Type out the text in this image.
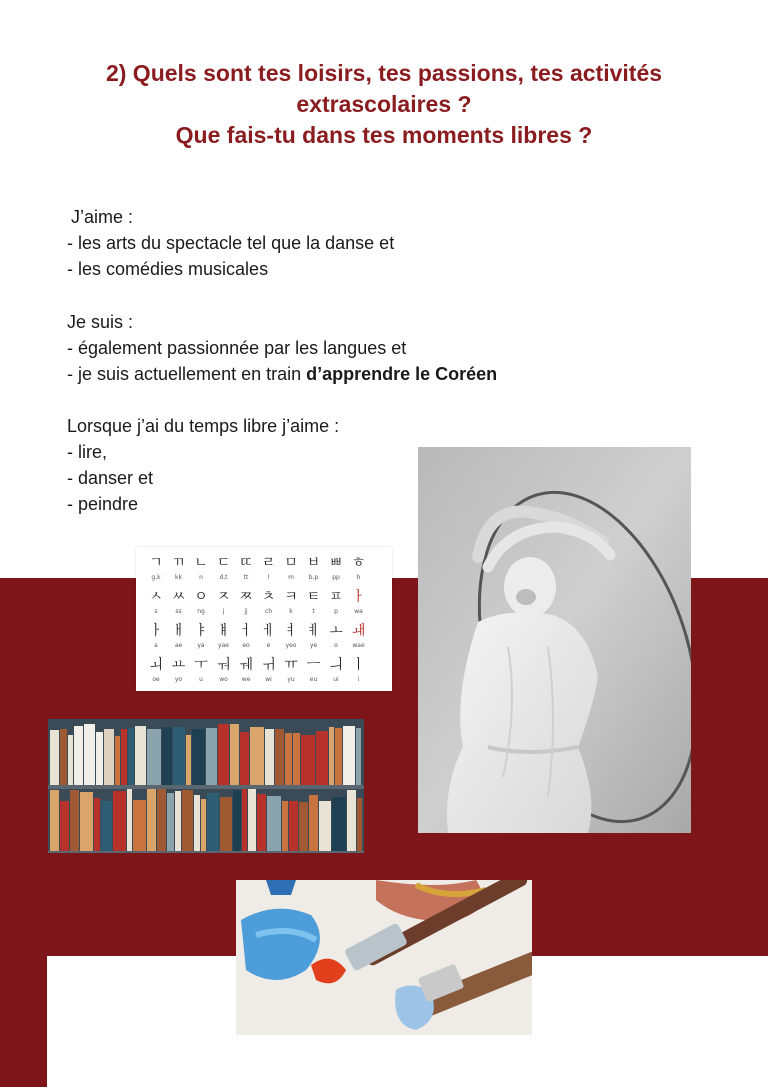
2) Quels sont tes loisirs, tes passions, tes activités
extrascolaires ?
Que fais-tu dans tes moments libres ?
J’aime :
- les arts du spectacle tel que la danse et
- les comédies musicales
Je suis :
- également passionnée par les langues et
- je suis actuellement en train d’apprendre le Coréen
Lorsque j’ai du temps libre j’aime :
- lire,
- danser et
- peindre
ㄱ
g,k
ㄲ
kk
ㄴ
n
ㄷ
d,t
ㄸ
tt
ㄹ
l
ㅁ
m
ㅂ
b,p
ㅃ
pp
ㅎ
h
ㅅ
s
ㅆ
ss
ㅇ
ng
ㅈ
j
ㅉ
jj
ㅊ
ch
ㅋ
k
ㅌ
t
ㅍ
p
ㅏ
wa
ㅏ
a
ㅐ
ae
ㅑ
ya
ㅒ
yae
ㅓ
eo
ㅔ
e
ㅕ
yeo
ㅖ
ye
ㅗ
o
ㅙ
wae
ㅚ
oe
ㅛ
yo
ㅜ
u
ㅝ
wo
ㅞ
we
ㅟ
wi
ㅠ
yu
ㅡ
eu
ㅢ
ui
ㅣ
i
